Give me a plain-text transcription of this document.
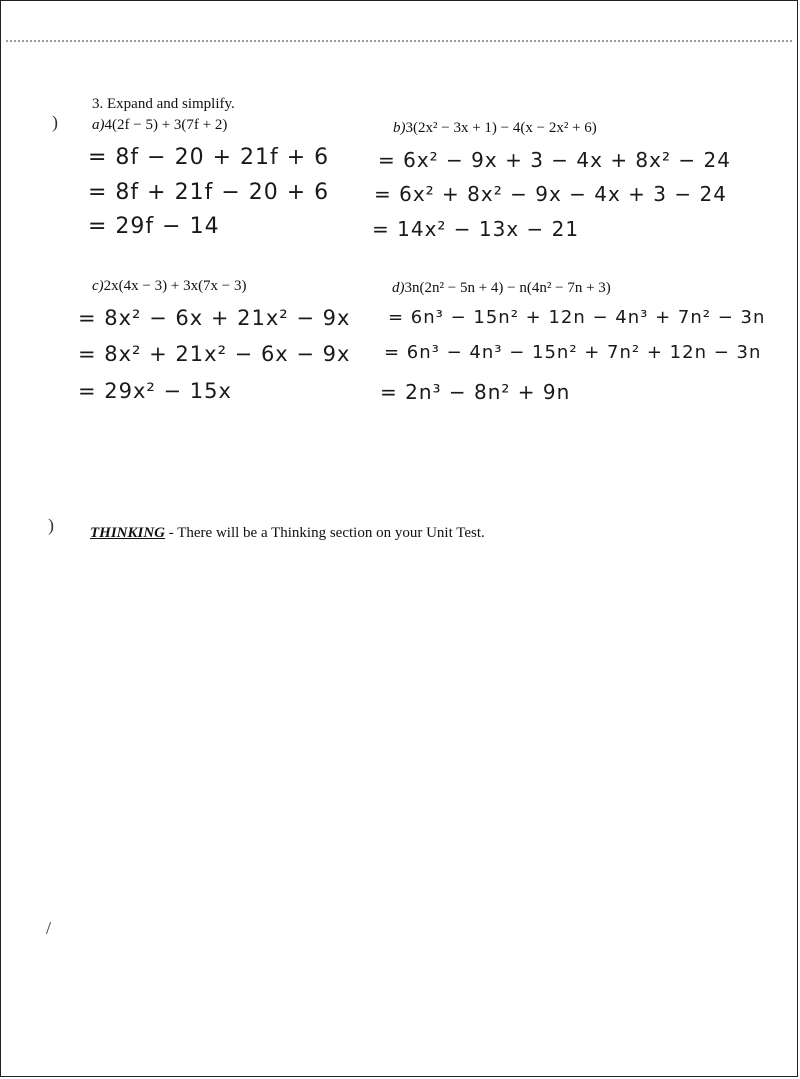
)
)
/
3. Expand and simplify.
a)4(2f − 5) + 3(7f + 2)
= 8f − 20 + 21f + 6
= 8f + 21f − 20 + 6
= 29f − 14
b)3(2x² − 3x + 1) − 4(x − 2x² + 6)
= 6x² − 9x + 3 − 4x + 8x² − 24
= 6x² + 8x² − 9x − 4x + 3 − 24
= 14x² − 13x − 21
c)2x(4x − 3) + 3x(7x − 3)
= 8x² − 6x + 21x² − 9x
= 8x² + 21x² − 6x − 9x
= 29x² − 15x
d)3n(2n² − 5n + 4) − n(4n² − 7n + 3)
= 6n³ − 15n² + 12n − 4n³ + 7n² − 3n
= 6n³ − 4n³ − 15n² + 7n² + 12n − 3n
= 2n³ − 8n² + 9n
THINKING - There will be a Thinking section on your Unit Test.
